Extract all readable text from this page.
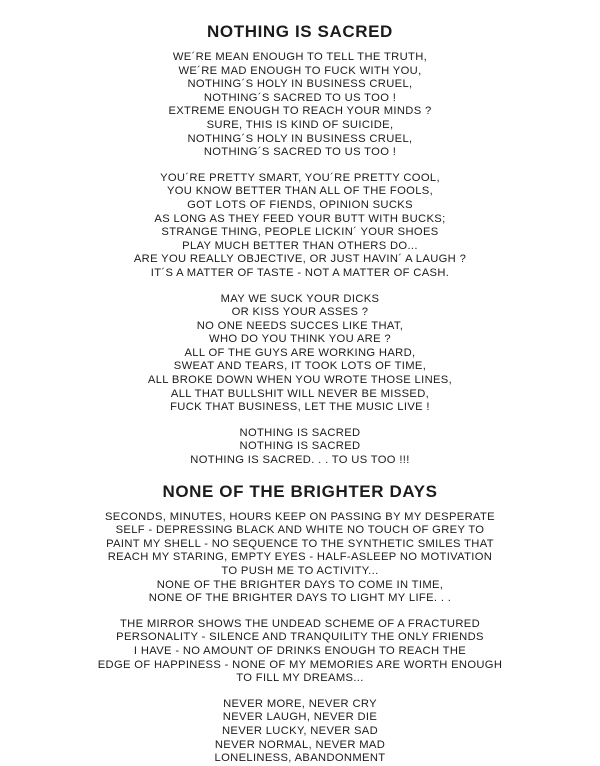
NOTHING IS SACRED
WE´RE MEAN ENOUGH TO TELL THE TRUTH,
WE´RE MAD ENOUGH TO FUCK WITH YOU,
NOTHING´S HOLY IN BUSINESS CRUEL,
NOTHING´S SACRED TO US TOO !
EXTREME ENOUGH TO REACH YOUR MINDS ?
SURE, THIS IS KIND OF SUICIDE,
NOTHING´S HOLY IN BUSINESS CRUEL,
NOTHING´S SACRED TO US TOO !
YOU´RE PRETTY SMART, YOU´RE PRETTY COOL,
YOU KNOW BETTER THAN ALL OF THE FOOLS,
GOT LOTS OF FIENDS, OPINION SUCKS
AS LONG AS THEY FEED YOUR BUTT WITH BUCKS;
STRANGE THING, PEOPLE LICKIN´ YOUR SHOES
PLAY MUCH BETTER THAN OTHERS DO...
ARE YOU REALLY OBJECTIVE, OR JUST HAVIN´ A LAUGH ?
IT´S A MATTER OF TASTE - NOT A MATTER OF CASH.
MAY WE SUCK YOUR DICKS
OR KISS YOUR ASSES ?
NO ONE NEEDS SUCCES LIKE THAT,
WHO DO YOU THINK YOU ARE ?
ALL OF THE GUYS ARE WORKING HARD,
SWEAT AND TEARS, IT TOOK LOTS OF TIME,
ALL BROKE DOWN WHEN YOU WROTE THOSE LINES,
ALL THAT BULLSHIT WILL NEVER BE MISSED,
FUCK THAT BUSINESS, LET THE MUSIC LIVE !
NOTHING IS SACRED
NOTHING IS SACRED
NOTHING IS SACRED. . . TO US TOO !!!
NONE OF THE BRIGHTER DAYS
SECONDS, MINUTES, HOURS KEEP ON PASSING BY MY DESPERATE
SELF - DEPRESSING BLACK AND WHITE NO TOUCH OF GREY TO
PAINT MY SHELL - NO SEQUENCE TO THE SYNTHETIC SMILES THAT
REACH MY STARING, EMPTY EYES - HALF-ASLEEP NO MOTIVATION
TO PUSH ME TO ACTIVITY...
NONE OF THE BRIGHTER DAYS TO COME IN TIME,
NONE OF THE BRIGHTER DAYS TO LIGHT MY LIFE. . .
THE MIRROR SHOWS THE UNDEAD SCHEME OF A FRACTURED
PERSONALITY - SILENCE AND TRANQUILITY THE ONLY FRIENDS
I HAVE - NO AMOUNT OF DRINKS ENOUGH TO REACH THE
EDGE OF HAPPINESS - NONE OF MY MEMORIES ARE WORTH ENOUGH
TO FILL MY DREAMS...
NEVER MORE, NEVER CRY
NEVER LAUGH, NEVER DIE
NEVER LUCKY, NEVER SAD
NEVER NORMAL, NEVER MAD
LONELINESS, ABANDONMENT
